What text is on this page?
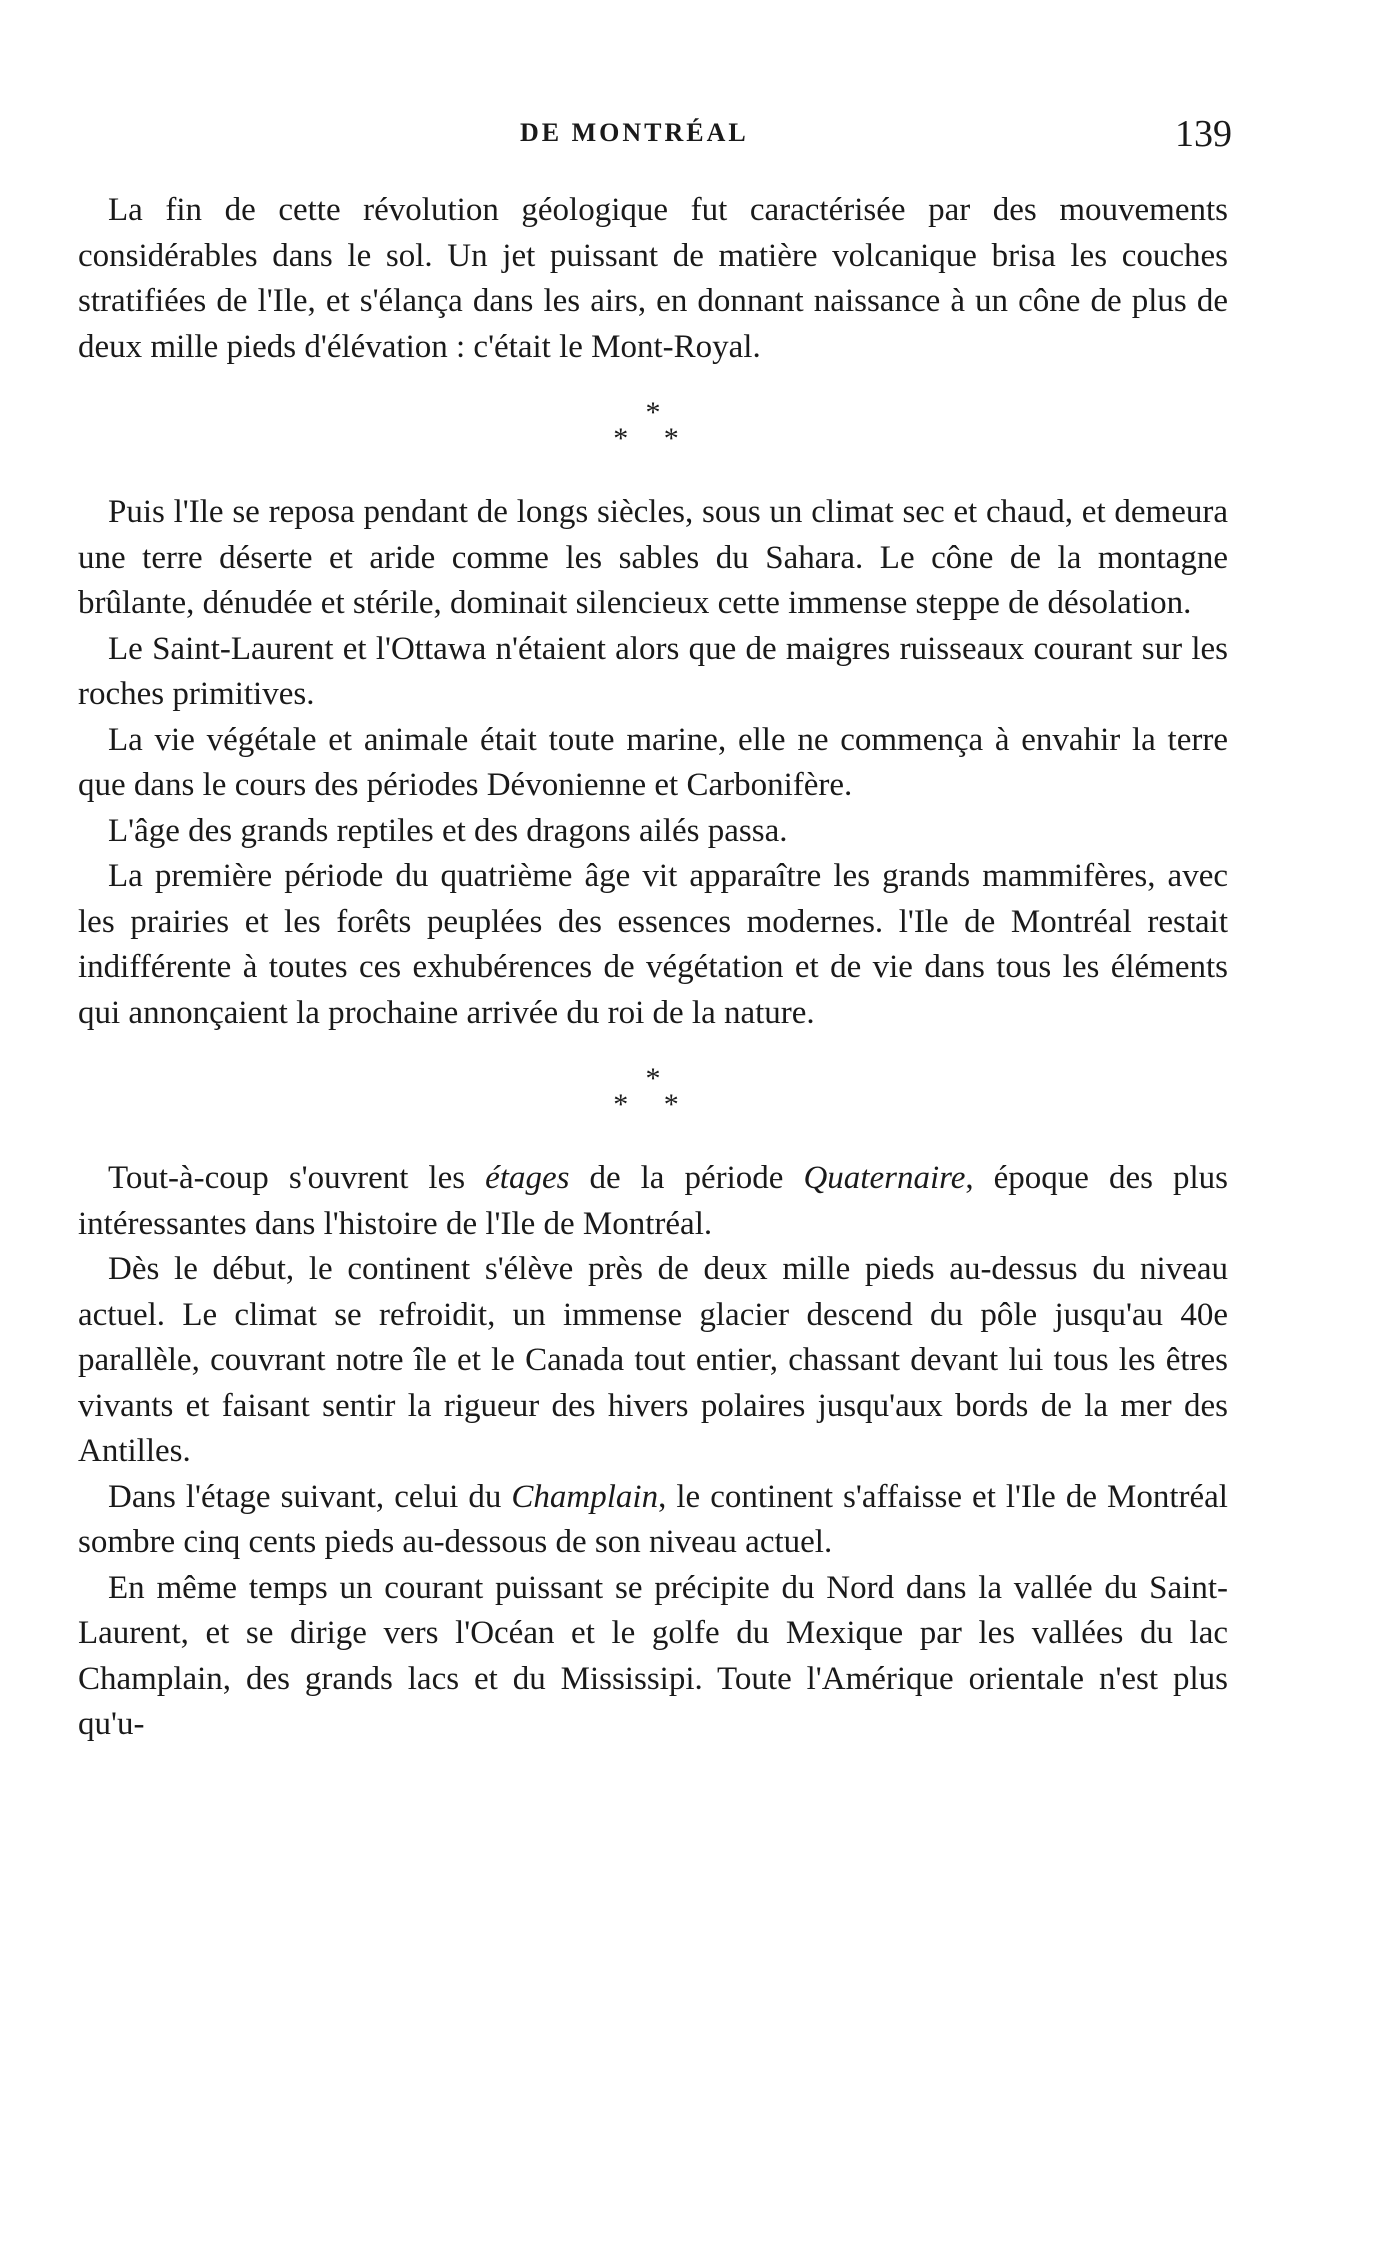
DE MONTRÉAL	139

La fin de cette révolution géologique fut caractérisée par des mouvements considérables dans le sol. Un jet puissant de matière volcanique brisa les couches stratifiées de l'Ile, et s'élança dans les airs, en donnant naissance à un cône de plus de deux mille pieds d'élévation : c'était le Mont-Royal.

*
* *

Puis l'Ile se reposa pendant de longs siècles, sous un climat sec et chaud, et demeura une terre déserte et aride comme les sables du Sahara. Le cône de la montagne brûlante, dénudée et stérile, dominait silencieux cette immense steppe de désolation.

Le Saint-Laurent et l'Ottawa n'étaient alors que de maigres ruisseaux courant sur les roches primitives.

La vie végétale et animale était toute marine, elle ne commença à envahir la terre que dans le cours des périodes Dévonienne et Carbonifère.

L'âge des grands reptiles et des dragons ailés passa.

La première période du quatrième âge vit apparaître les grands mammifères, avec les prairies et les forêts peuplées des essences modernes. l'Ile de Montréal restait indifférente à toutes ces exhubérences de végétation et de vie dans tous les éléments qui annonçaient la prochaine arrivée du roi de la nature.

*
* *

Tout-à-coup s'ouvrent les étages de la période Quaternaire, époque des plus intéressantes dans l'histoire de l'Ile de Montréal.

Dès le début, le continent s'élève près de deux mille pieds au-dessus du niveau actuel. Le climat se refroidit, un immense glacier descend du pôle jusqu'au 40e parallèle, couvrant notre île et le Canada tout entier, chassant devant lui tous les êtres vivants et faisant sentir la rigueur des hivers polaires jusqu'aux bords de la mer des Antilles.

Dans l'étage suivant, celui du Champlain, le continent s'affaisse et l'Ile de Montréal sombre cinq cents pieds au-dessous de son niveau actuel.

En même temps un courant puissant se précipite du Nord dans la vallée du Saint-Laurent, et se dirige vers l'Océan et le golfe du Mexique par les vallées du lac Champlain, des grands lacs et du Mississipi. Toute l'Amérique orientale n'est plus qu'u-
